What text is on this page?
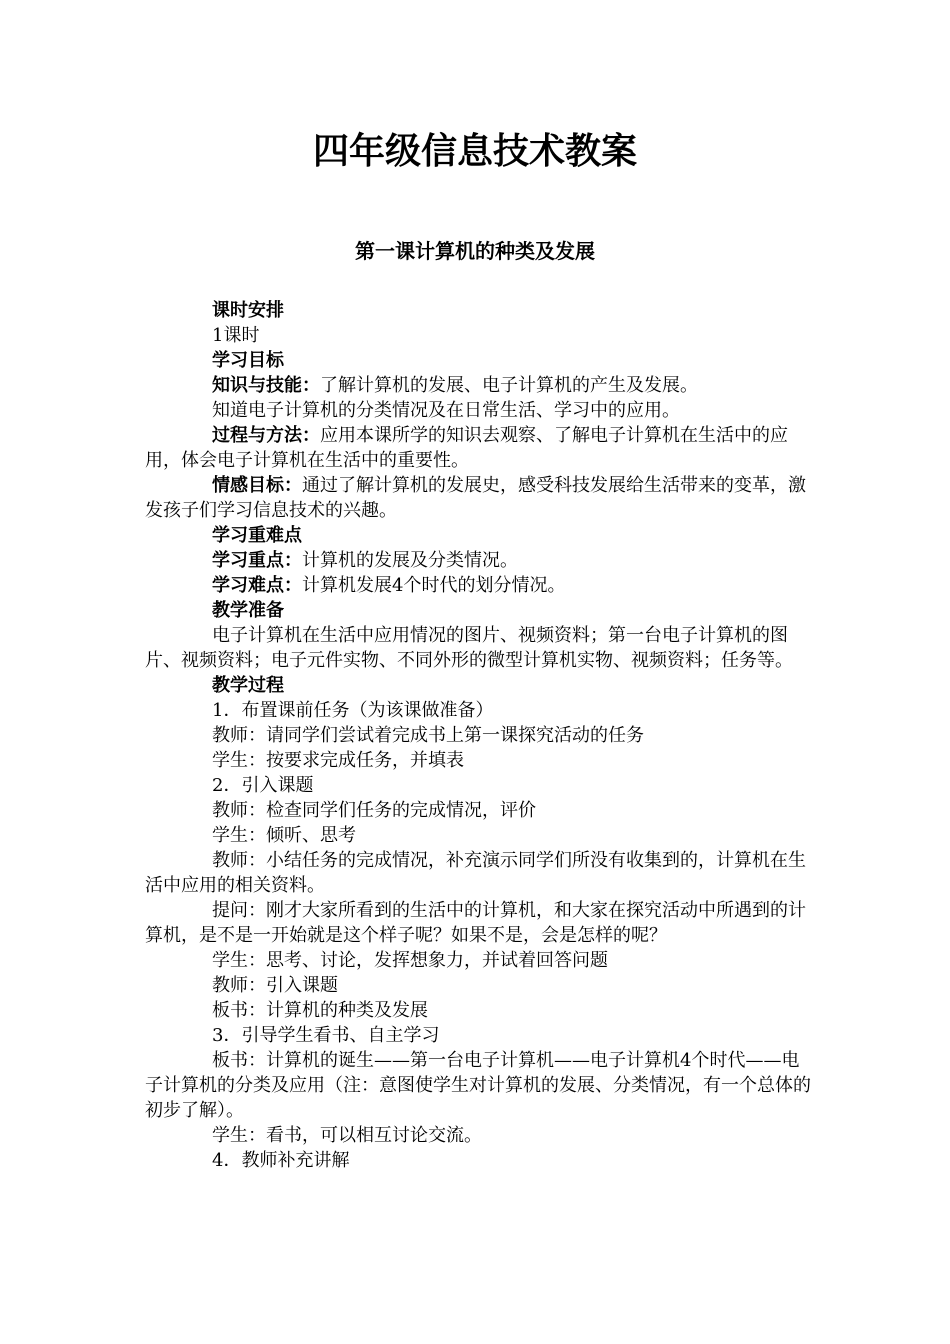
四年级信息技术教案
第一课计算机的种类及发展

课时安排

1课时

学习目标

知识与技能：了解计算机的发展、电子计算机的产生及发展。

知道电子计算机的分类情况及在日常生活、学习中的应用。

过程与方法：应用本课所学的知识去观察、了解电子计算机在生活中的应用，体会电子计算机在生活中的重要性。

情感目标：通过了解计算机的发展史，感受科技发展给生活带来的变革，激发孩子们学习信息技术的兴趣。

学习重难点

学习重点：计算机的发展及分类情况。

学习难点：计算机发展4个时代的划分情况。

教学准备

电子计算机在生活中应用情况的图片、视频资料；第一台电子计算机的图片、视频资料；电子元件实物、不同外形的微型计算机实物、视频资料；任务等。

教学过程

1．布置课前任务（为该课做准备）

教师：请同学们尝试着完成书上第一课探究活动的任务

学生：按要求完成任务，并填表

2．引入课题

教师：检查同学们任务的完成情况，评价

学生：倾听、思考

教师：小结任务的完成情况，补充演示同学们所没有收集到的，计算机在生活中应用的相关资料。

提问：刚才大家所看到的生活中的计算机，和大家在探究活动中所遇到的计算机，是不是一开始就是这个样子呢？如果不是，会是怎样的呢？

学生：思考、讨论，发挥想象力，并试着回答问题

教师：引入课题

板书：计算机的种类及发展

3．引导学生看书、自主学习

板书：计算机的诞生——第一台电子计算机——电子计算机4个时代——电子计算机的分类及应用（注：意图使学生对计算机的发展、分类情况，有一个总体的初步了解）。

学生：看书，可以相互讨论交流。

4．教师补充讲解
